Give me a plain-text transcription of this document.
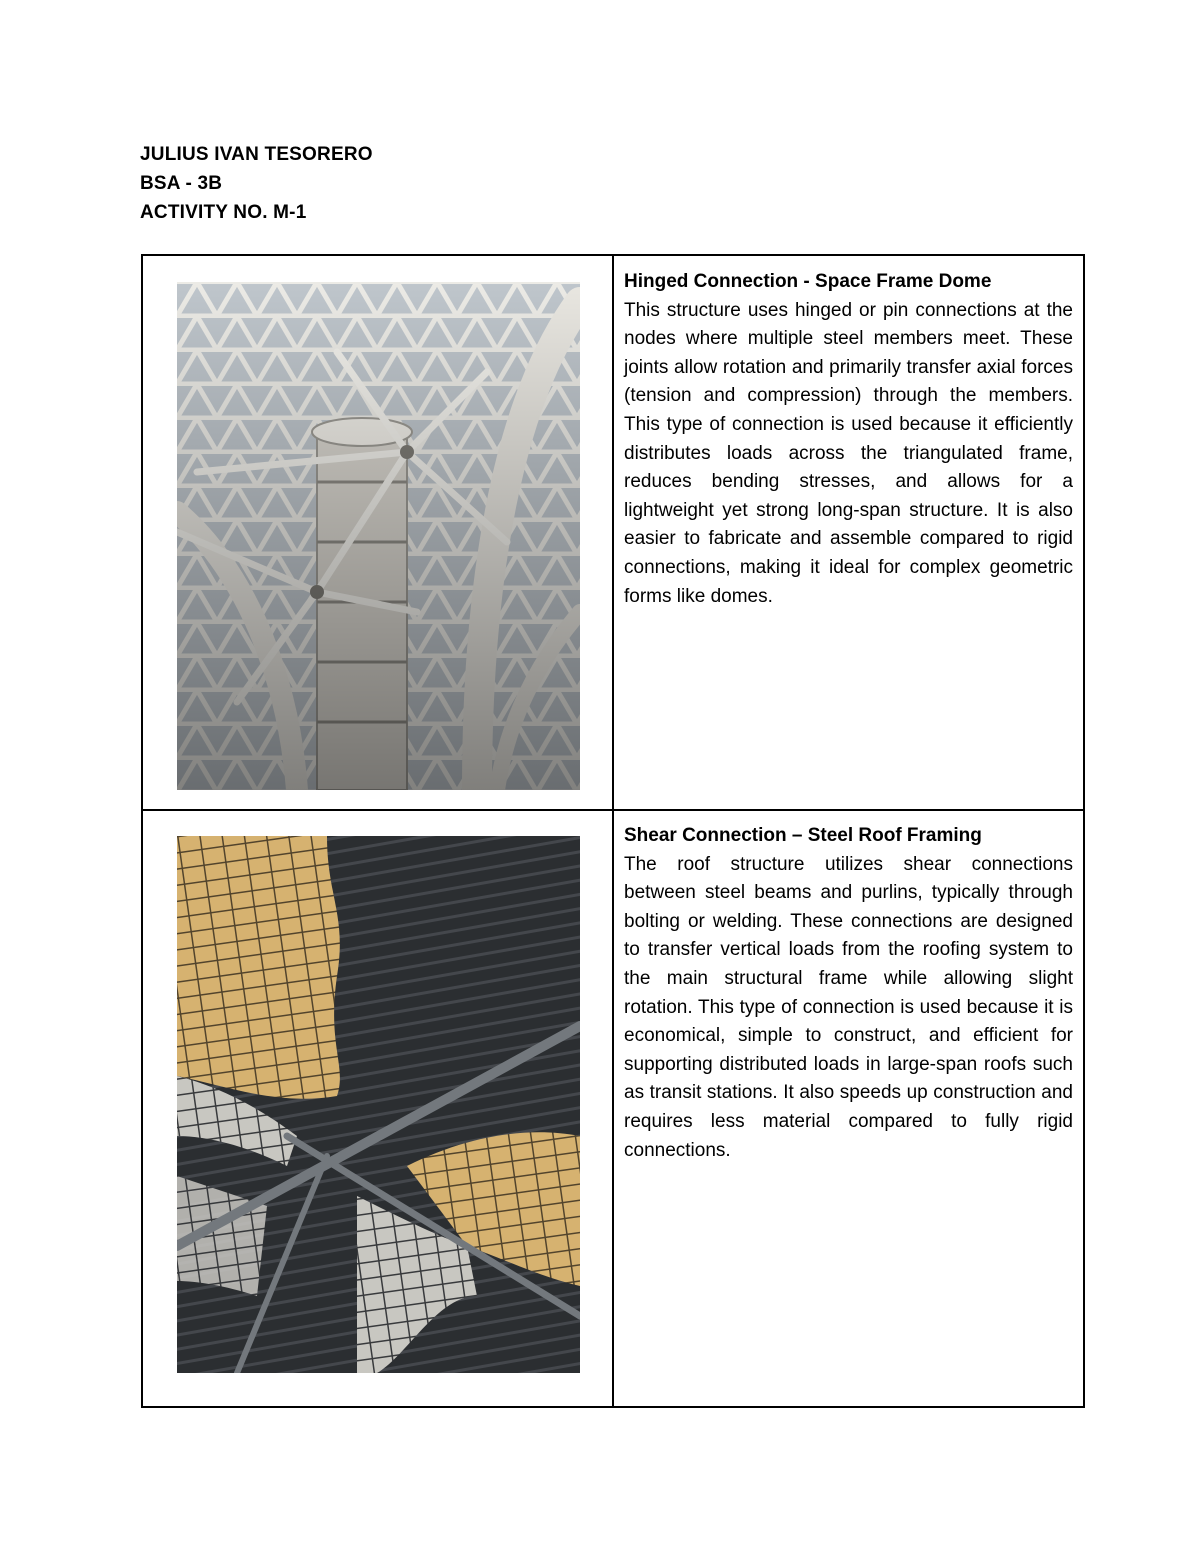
JULIUS IVAN TESORERO
BSA - 3B
ACTIVITY NO. M-1
Hinged Connection - Space Frame Dome
This structure uses hinged or pin connections at the nodes where multiple steel members meet. These joints allow rotation and primarily transfer axial forces (tension and compression) through the members. This type of connection is used because it efficiently distributes loads across the triangulated frame, reduces bending stresses, and allows for a lightweight yet strong long-span structure. It is also easier to fabricate and assemble compared to rigid connections, making it ideal for complex geometric forms like domes.
Shear Connection – Steel Roof Framing
The roof structure utilizes shear connections between steel beams and purlins, typically through bolting or welding. These connections are designed to transfer vertical loads from the roofing system to the main structural frame while allowing slight rotation. This type of connection is used because it is economical, simple to construct, and efficient for supporting distributed loads in large-span roofs such as transit stations. It also speeds up construction and requires less material compared to fully rigid connections.
